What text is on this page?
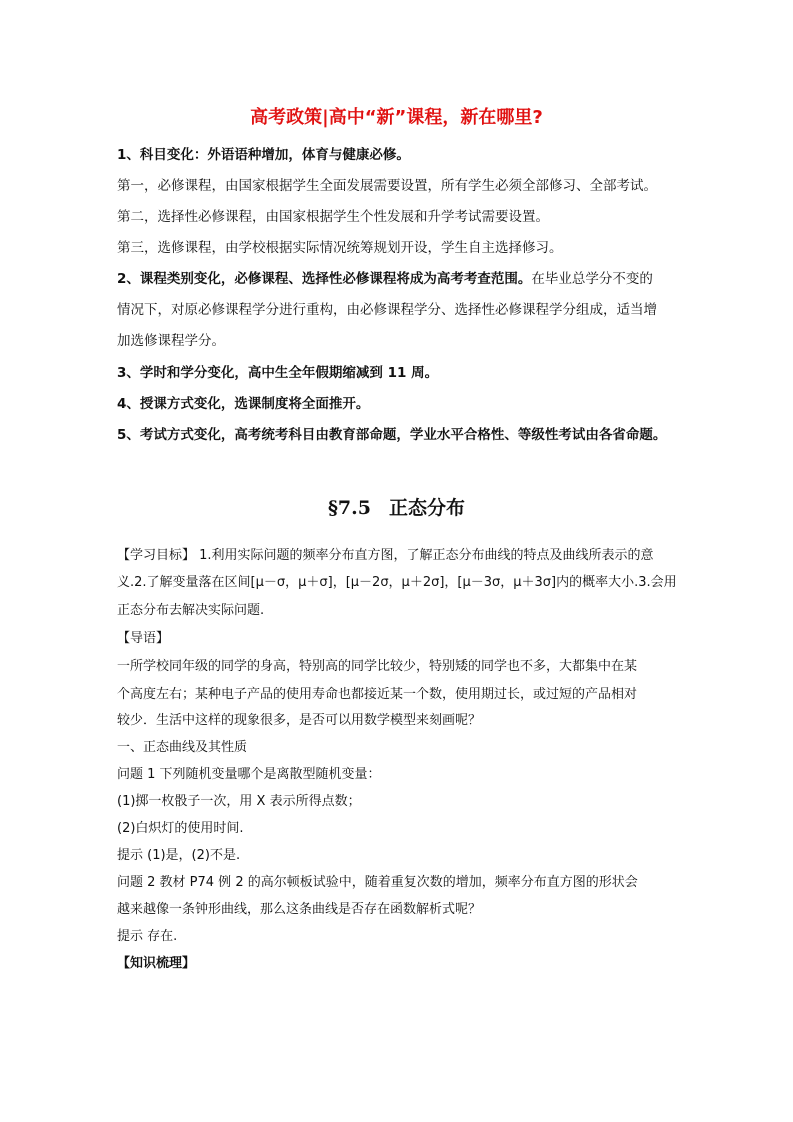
高考政策|高中“新”课程，新在哪里?
1、科目变化：外语语种增加，体育与健康必修。
第一，必修课程，由国家根据学生全面发展需要设置，所有学生必须全部修习、全部考试。
第二，选择性必修课程，由国家根据学生个性发展和升学考试需要设置。
第三，选修课程，由学校根据实际情况统筹规划开设，学生自主选择修习。
2、课程类别变化，必修课程、选择性必修课程将成为高考考查范围。在毕业总学分不变的
情况下，对原必修课程学分进行重构，由必修课程学分、选择性必修课程学分组成，适当增
加选修课程学分。
3、学时和学分变化，高中生全年假期缩减到 11 周。
4、授课方式变化，选课制度将全面推开。
5、考试方式变化，高考统考科目由教育部命题，学业水平合格性、等级性考试由各省命题。
§7.5 正态分布
【学习目标】 1.利用实际问题的频率分布直方图，了解正态分布曲线的特点及曲线所表示的意
义.2.了解变量落在区间[μ－σ，μ＋σ]，[μ－2σ，μ＋2σ]，[μ－3σ，μ＋3σ]内的概率大小.3.会用
正态分布去解决实际问题.
【导语】
一所学校同年级的同学的身高，特别高的同学比较少，特别矮的同学也不多，大都集中在某
个高度左右；某种电子产品的使用寿命也都接近某一个数，使用期过长，或过短的产品相对
较少．生活中这样的现象很多，是否可以用数学模型来刻画呢？
一、正态曲线及其性质
问题 1 下列随机变量哪个是离散型随机变量：
(1)掷一枚骰子一次，用 X 表示所得点数；
(2)白炽灯的使用时间.
提示 (1)是，(2)不是.
问题 2 教材 P74 例 2 的高尔顿板试验中，随着重复次数的增加，频率分布直方图的形状会
越来越像一条钟形曲线，那么这条曲线是否存在函数解析式呢？
提示 存在.
【知识梳理】
